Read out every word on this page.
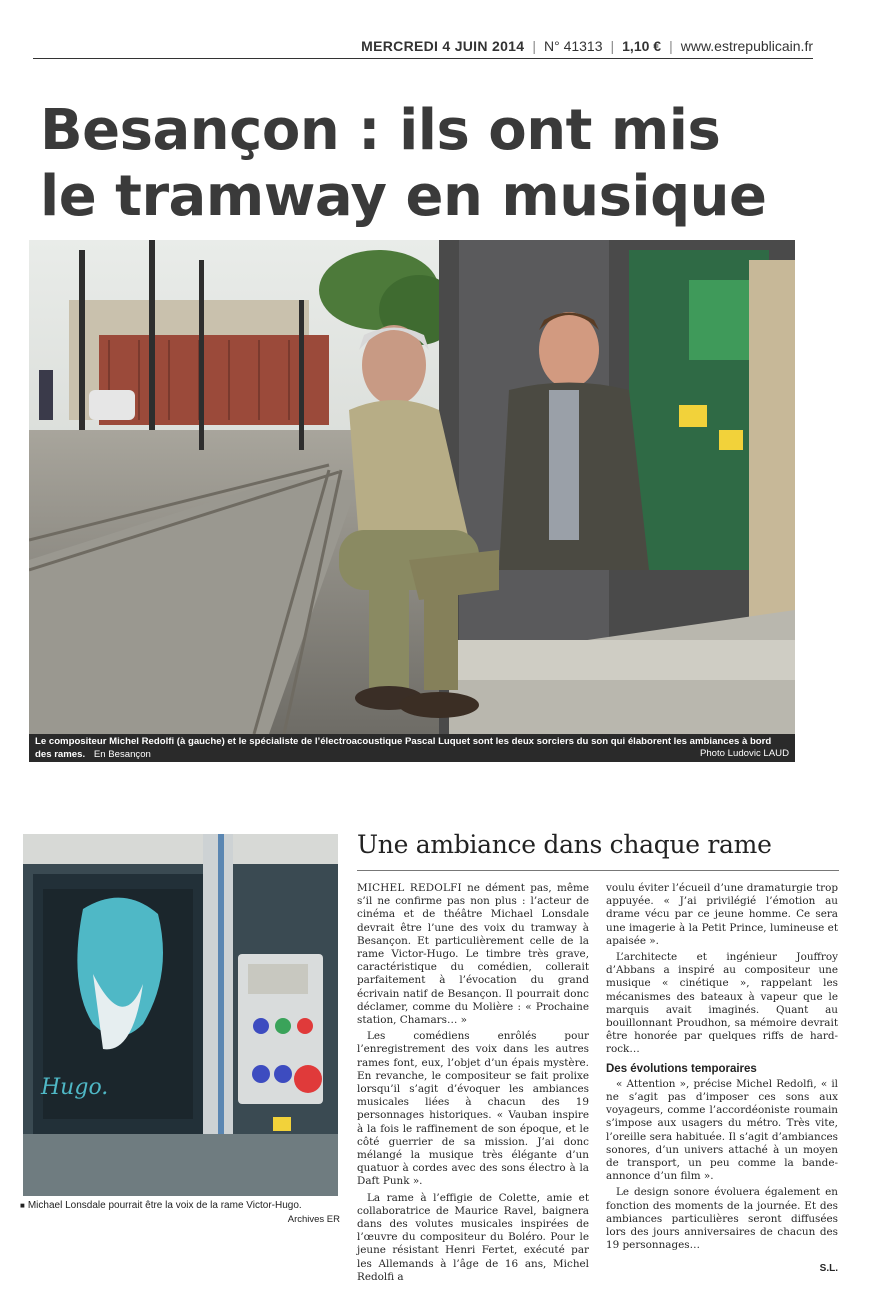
MERCREDI 4 JUIN 2014 | N° 41313 | 1,10 € | www.estrepublicain.fr
Besançon : ils ont mis
le tramway en musique
Le compositeur Michel Redolfi (à gauche) et le spécialiste de l’électroacoustique Pascal Luquet sont les deux sorciers du son qui élaborent les ambiances à bord des rames. En Besançon	Photo Ludovic LAUD
Hugo.
■ Michael Lonsdale pourrait être la voix de la rame Victor-Hugo.
Archives ER
Une ambiance dans chaque rame

MICHEL REDOLFI ne dément pas, même s’il ne confirme pas non plus : l’acteur de cinéma et de théâtre Michael Lonsdale devrait être l’une des voix du tramway à Besançon. Et particulièrement celle de la rame Victor-Hugo. Le timbre très grave, caractéristique du comédien, collerait parfaitement à l’évocation du grand écrivain natif de Besançon. Il pourrait donc déclamer, comme du Molière : « Prochaine station, Chamars… »

Les comédiens enrôlés pour l’enregistrement des voix dans les autres rames font, eux, l’objet d’un épais mystère. En revanche, le compositeur se fait prolixe lorsqu’il s’agit d’évoquer les ambiances musicales liées à chacun des 19 personnages historiques. « Vauban inspire à la fois le raffinement de son époque, et le côté guerrier de sa mission. J’ai donc mélangé la musique très élégante d’un quatuor à cordes avec des sons électro à la Daft Punk ».

La rame à l’effigie de Colette, amie et collaboratrice de Maurice Ravel, baignera dans des volutes musicales inspirées de l’œuvre du compositeur du Boléro. Pour le jeune résistant Henri Fertet, exécuté par les Allemands à l’âge de 16 ans, Michel Redolfi a

voulu éviter l’écueil d’une dramaturgie trop appuyée. « J’ai privilégié l’émotion au drame vécu par ce jeune homme. Ce sera une imagerie à la Petit Prince, lumineuse et apaisée ».

L’architecte et ingénieur Jouffroy d’Abbans a inspiré au compositeur une musique « cinétique », rappelant les mécanismes des bateaux à vapeur que le marquis avait imaginés. Quant au bouillonnant Proudhon, sa mémoire devrait être honorée par quelques riffs de hard-rock…

Des évolutions temporaires

« Attention », précise Michel Redolfi, « il ne s’agit pas d’imposer ces sons aux voyageurs, comme l’accordéoniste roumain s’impose aux usagers du métro. Très vite, l’oreille sera habituée. Il s’agit d’ambiances sonores, d’un univers attaché à un moyen de transport, un peu comme la bande-annonce d’un film ».

Le design sonore évoluera également en fonction des moments de la journée. Et des ambiances particulières seront diffusées lors des jours anniversaires de chacun des 19 personnages…

S.L.
